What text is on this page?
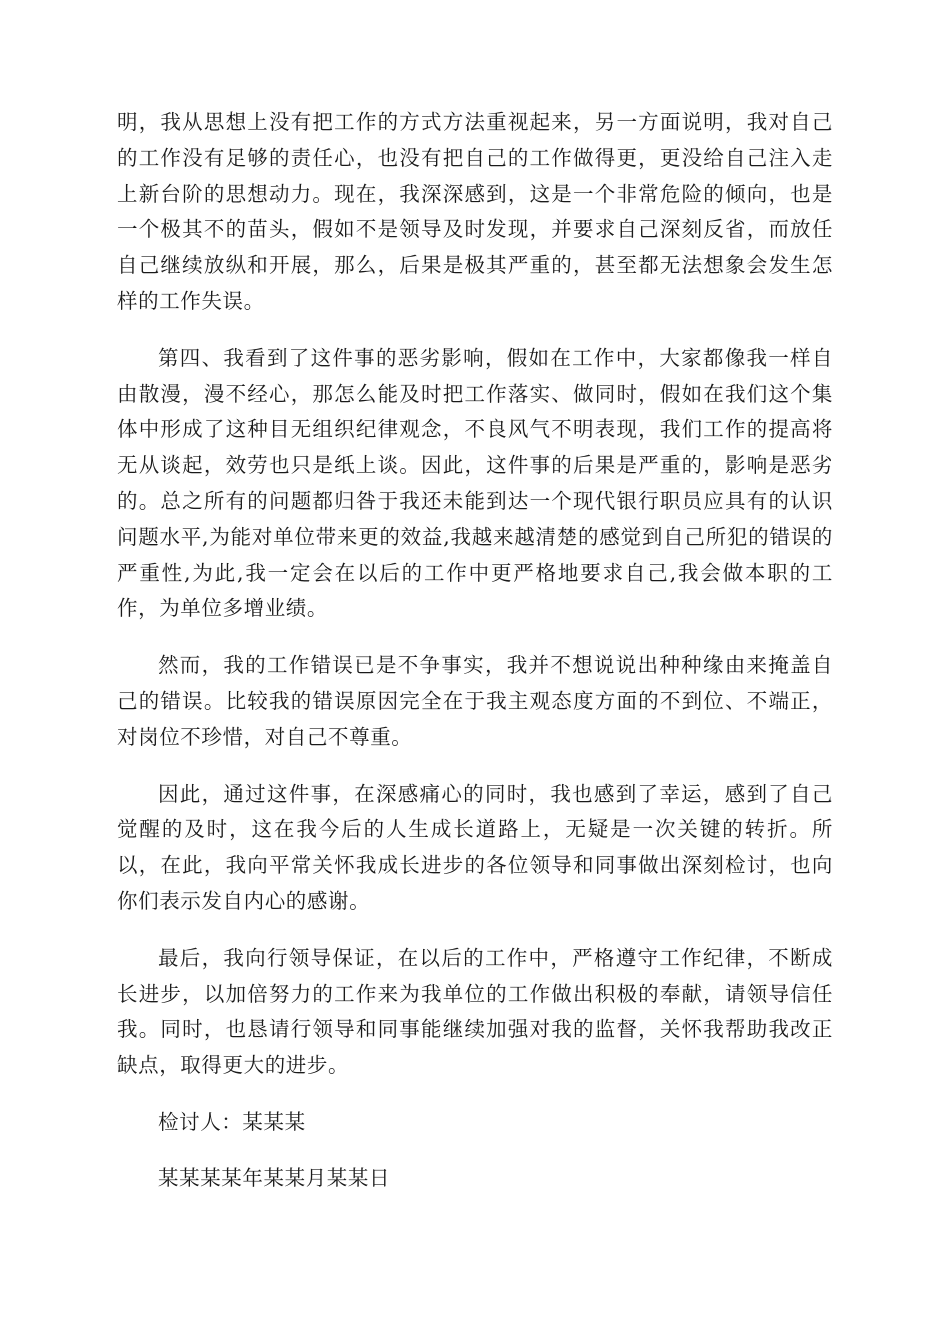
明，我从思想上没有把工作的方式方法重视起来，另一方面说明，我对自己的工作没有足够的责任心，也没有把自己的工作做得更，更没给自己注入走上新台阶的思想动力。现在，我深深感到，这是一个非常危险的倾向，也是一个极其不的苗头，假如不是领导及时发现，并要求自己深刻反省，而放任自己继续放纵和开展，那么，后果是极其严重的，甚至都无法想象会发生怎样的工作失误。

第四、我看到了这件事的恶劣影响，假如在工作中，大家都像我一样自由散漫，漫不经心，那怎么能及时把工作落实、做同时，假如在我们这个集体中形成了这种目无组织纪律观念，不良风气不明表现，我们工作的提高将无从谈起，效劳也只是纸上谈。因此，这件事的后果是严重的，影响是恶劣的。总之所有的问题都归咎于我还未能到达一个现代银行职员应具有的认识问题水平,为能对单位带来更的效益,我越来越清楚的感觉到自己所犯的错误的严重性,为此,我一定会在以后的工作中更严格地要求自己,我会做本职的工作，为单位多增业绩。

然而，我的工作错误已是不争事实，我并不想说说出种种缘由来掩盖自己的错误。比较我的错误原因完全在于我主观态度方面的不到位、不端正，对岗位不珍惜，对自己不尊重。

因此，通过这件事，在深感痛心的同时，我也感到了幸运，感到了自己觉醒的及时，这在我今后的人生成长道路上，无疑是一次关键的转折。所以，在此，我向平常关怀我成长进步的各位领导和同事做出深刻检讨，也向你们表示发自内心的感谢。

最后，我向行领导保证，在以后的工作中，严格遵守工作纪律，不断成长进步，以加倍努力的工作来为我单位的工作做出积极的奉献，请领导信任我。同时，也恳请行领导和同事能继续加强对我的监督，关怀我帮助我改正缺点，取得更大的进步。

检讨人：某某某

某某某某年某某月某某日
